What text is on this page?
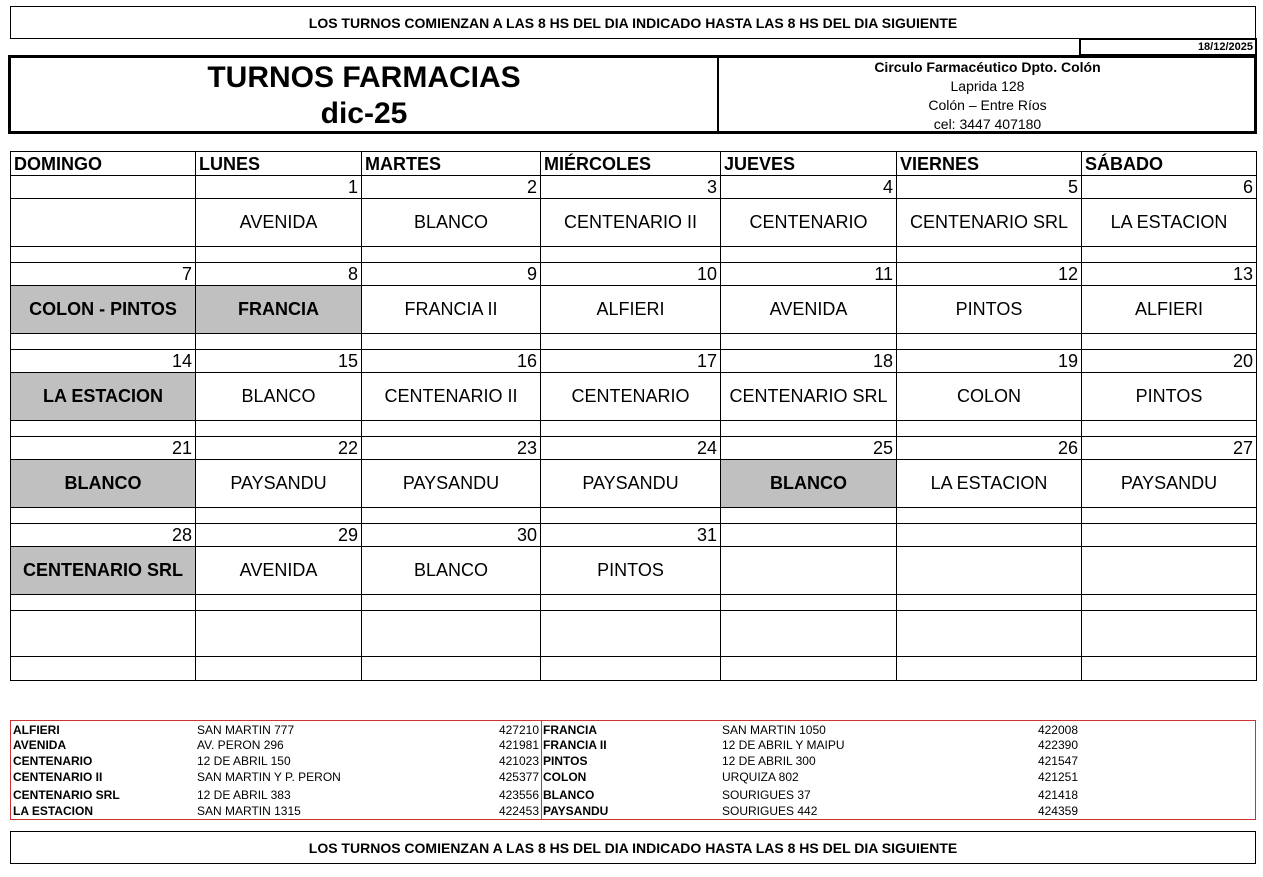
LOS TURNOS COMIENZAN A LAS 8 HS DEL DIA INDICADO HASTA LAS 8 HS DEL DIA SIGUIENTE
18/12/2025
TURNOS FARMACIAS
dic-25
Circulo Farmacéutico Dpto. Colón
Laprida 128
Colón – Entre Ríos
cel: 3447 407180
DOMINGO	LUNES	MARTES	MIÉRCOLES	JUEVES	VIERNES	SÁBADO
	1	2	3	4	5	6
	AVENIDA	BLANCO	CENTENARIO II	CENTENARIO	CENTENARIO SRL	LA ESTACION

7	8	9	10	11	12	13
COLON - PINTOS	FRANCIA	FRANCIA II	ALFIERI	AVENIDA	PINTOS	ALFIERI

14	15	16	17	18	19	20
LA ESTACION	BLANCO	CENTENARIO II	CENTENARIO	CENTENARIO SRL	COLON	PINTOS

21	22	23	24	25	26	27
BLANCO	PAYSANDU	PAYSANDU	PAYSANDU	BLANCO	LA ESTACION	PAYSANDU

28	29	30	31			
CENTENARIO SRL	AVENIDA	BLANCO	PINTOS			

ALFIERI	SAN MARTIN 777	427210 FRANCIA	SAN MARTIN 1050	422008
AVENIDA	AV. PERON 296	421981 FRANCIA II	12 DE ABRIL Y MAIPU	422390
CENTENARIO	12 DE ABRIL 150	421023 PINTOS	12 DE ABRIL 300	421547
CENTENARIO II	SAN MARTIN Y P. PERON	425377 COLON	URQUIZA 802	421251
CENTENARIO SRL	12 DE ABRIL 383	423556 BLANCO	SOURIGUES 37	421418
LA ESTACION	SAN MARTIN 1315	422453 PAYSANDU	SOURIGUES 442	424359
LOS TURNOS COMIENZAN A LAS 8 HS DEL DIA INDICADO HASTA LAS 8 HS DEL DIA SIGUIENTE
